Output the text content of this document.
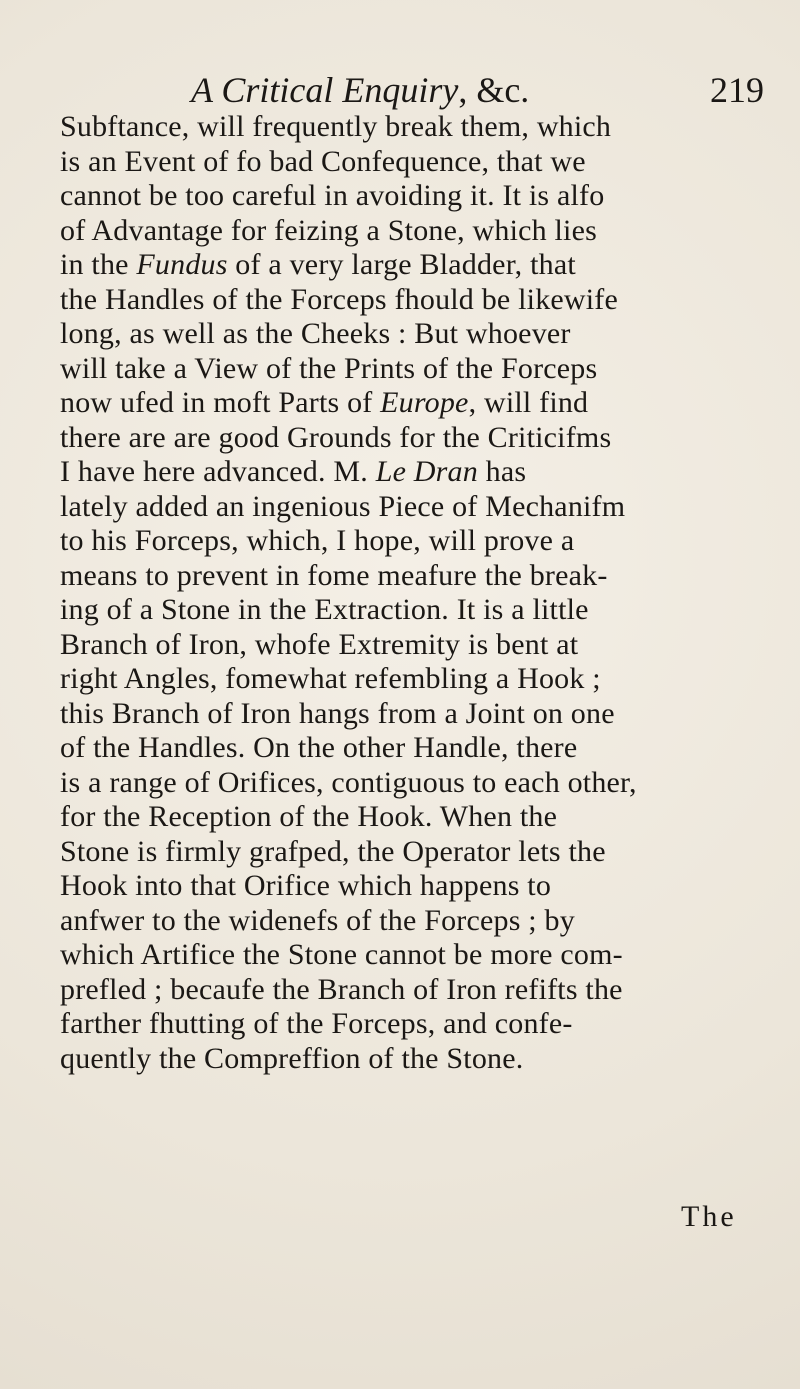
A Critical Enquiry, &c.	219
Subftance, will frequently break them, which
is an Event of fo bad Confequence, that we
cannot be too careful in avoiding it. It is alfo
of Advantage for feizing a Stone, which lies
in the Fundus of a very large Bladder, that
the Handles of the Forceps fhould be likewife
long, as well as the Cheeks : But whoever
will take a View of the Prints of the Forceps
now ufed in moft Parts of Europe, will find
there are are good Grounds for the Criticifms
I have here advanced. M. Le Dran has
lately added an ingenious Piece of Mechanifm
to his Forceps, which, I hope, will prove a
means to prevent in fome meafure the break-
ing of a Stone in the Extraction. It is a little
Branch of Iron, whofe Extremity is bent at
right Angles, fomewhat refembling a Hook ;
this Branch of Iron hangs from a Joint on one
of the Handles. On the other Handle, there
is a range of Orifices, contiguous to each other,
for the Reception of the Hook. When the
Stone is firmly grafped, the Operator lets the
Hook into that Orifice which happens to
anfwer to the widenefs of the Forceps ; by
which Artifice the Stone cannot be more com-
prefled ; becaufe the Branch of Iron refifts the
farther fhutting of the Forceps, and confe-
quently the Compreffion of the Stone.
The
